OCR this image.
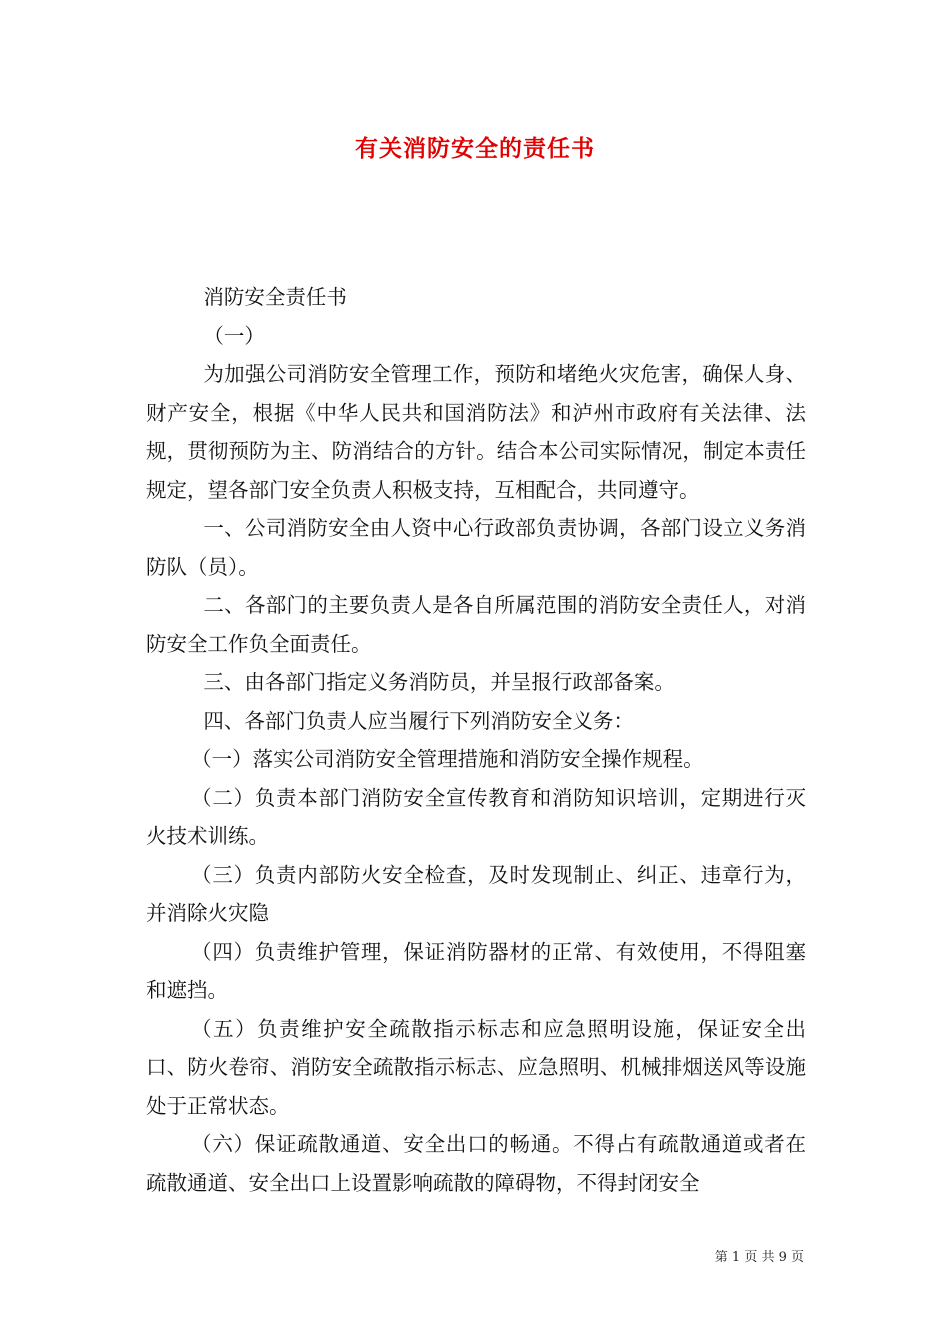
有关消防安全的责任书

消防安全责任书

（一）

为加强公司消防安全管理工作，预防和堵绝火灾危害，确保人身、财产安全，根据《中华人民共和国消防法》和泸州市政府有关法律、法规，贯彻预防为主、防消结合的方针。结合本公司实际情况，制定本责任规定，望各部门安全负责人积极支持，互相配合，共同遵守。

一、公司消防安全由人资中心行政部负责协调，各部门设立义务消防队（员）。

二、各部门的主要负责人是各自所属范围的消防安全责任人，对消防安全工作负全面责任。

三、由各部门指定义务消防员，并呈报行政部备案。

四、各部门负责人应当履行下列消防安全义务：

（一）落实公司消防安全管理措施和消防安全操作规程。

（二）负责本部门消防安全宣传教育和消防知识培训，定期进行灭火技术训练。

（三）负责内部防火安全检查，及时发现制止、纠正、违章行为，并消除火灾隐

（四）负责维护管理，保证消防器材的正常、有效使用，不得阻塞和遮挡。

（五）负责维护安全疏散指示标志和应急照明设施，保证安全出口、防火卷帘、消防安全疏散指示标志、应急照明、机械排烟送风等设施处于正常状态。

（六）保证疏散通道、安全出口的畅通。不得占有疏散通道或者在疏散通道、安全出口上设置影响疏散的障碍物，不得封闭安全

第 1 页 共 9 页
